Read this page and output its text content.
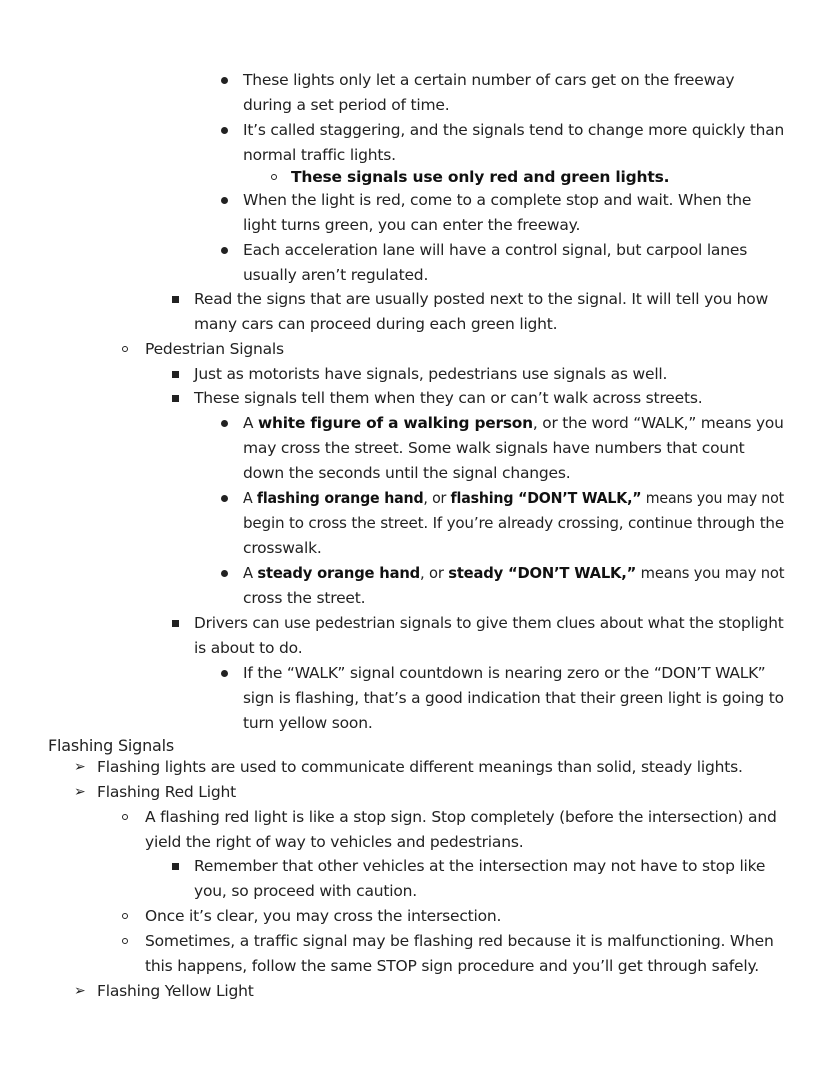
These lights only let a certain number of cars get on the freeway
during a set period of time.
It’s called staggering, and the signals tend to change more quickly than
normal traffic lights.
These signals use only red and green lights.
When the light is red, come to a complete stop and wait. When the
light turns green, you can enter the freeway.
Each acceleration lane will have a control signal, but carpool lanes
usually aren’t regulated.
Read the signs that are usually posted next to the signal. It will tell you how
many cars can proceed during each green light.
Pedestrian Signals
Just as motorists have signals, pedestrians use signals as well.
These signals tell them when they can or can’t walk across streets.
A white figure of a walking person, or the word “WALK,” means you
may cross the street. Some walk signals have numbers that count
down the seconds until the signal changes.
A flashing orange hand, or flashing “DON’T WALK,” means you may not
begin to cross the street. If you’re already crossing, continue through the
crosswalk.
A steady orange hand, or steady “DON’T WALK,” means you may not
cross the street.
Drivers can use pedestrian signals to give them clues about what the stoplight
is about to do.
If the “WALK” signal countdown is nearing zero or the “DON’T WALK”
sign is flashing, that’s a good indication that their green light is going to
turn yellow soon.
Flashing Signals
➢ Flashing lights are used to communicate different meanings than solid, steady lights.
➢ Flashing Red Light
A flashing red light is like a stop sign. Stop completely (before the intersection) and
yield the right of way to vehicles and pedestrians.
Remember that other vehicles at the intersection may not have to stop like
you, so proceed with caution.
Once it’s clear, you may cross the intersection.
Sometimes, a traffic signal may be flashing red because it is malfunctioning. When
this happens, follow the same STOP sign procedure and you’ll get through safely.
➢ Flashing Yellow Light
